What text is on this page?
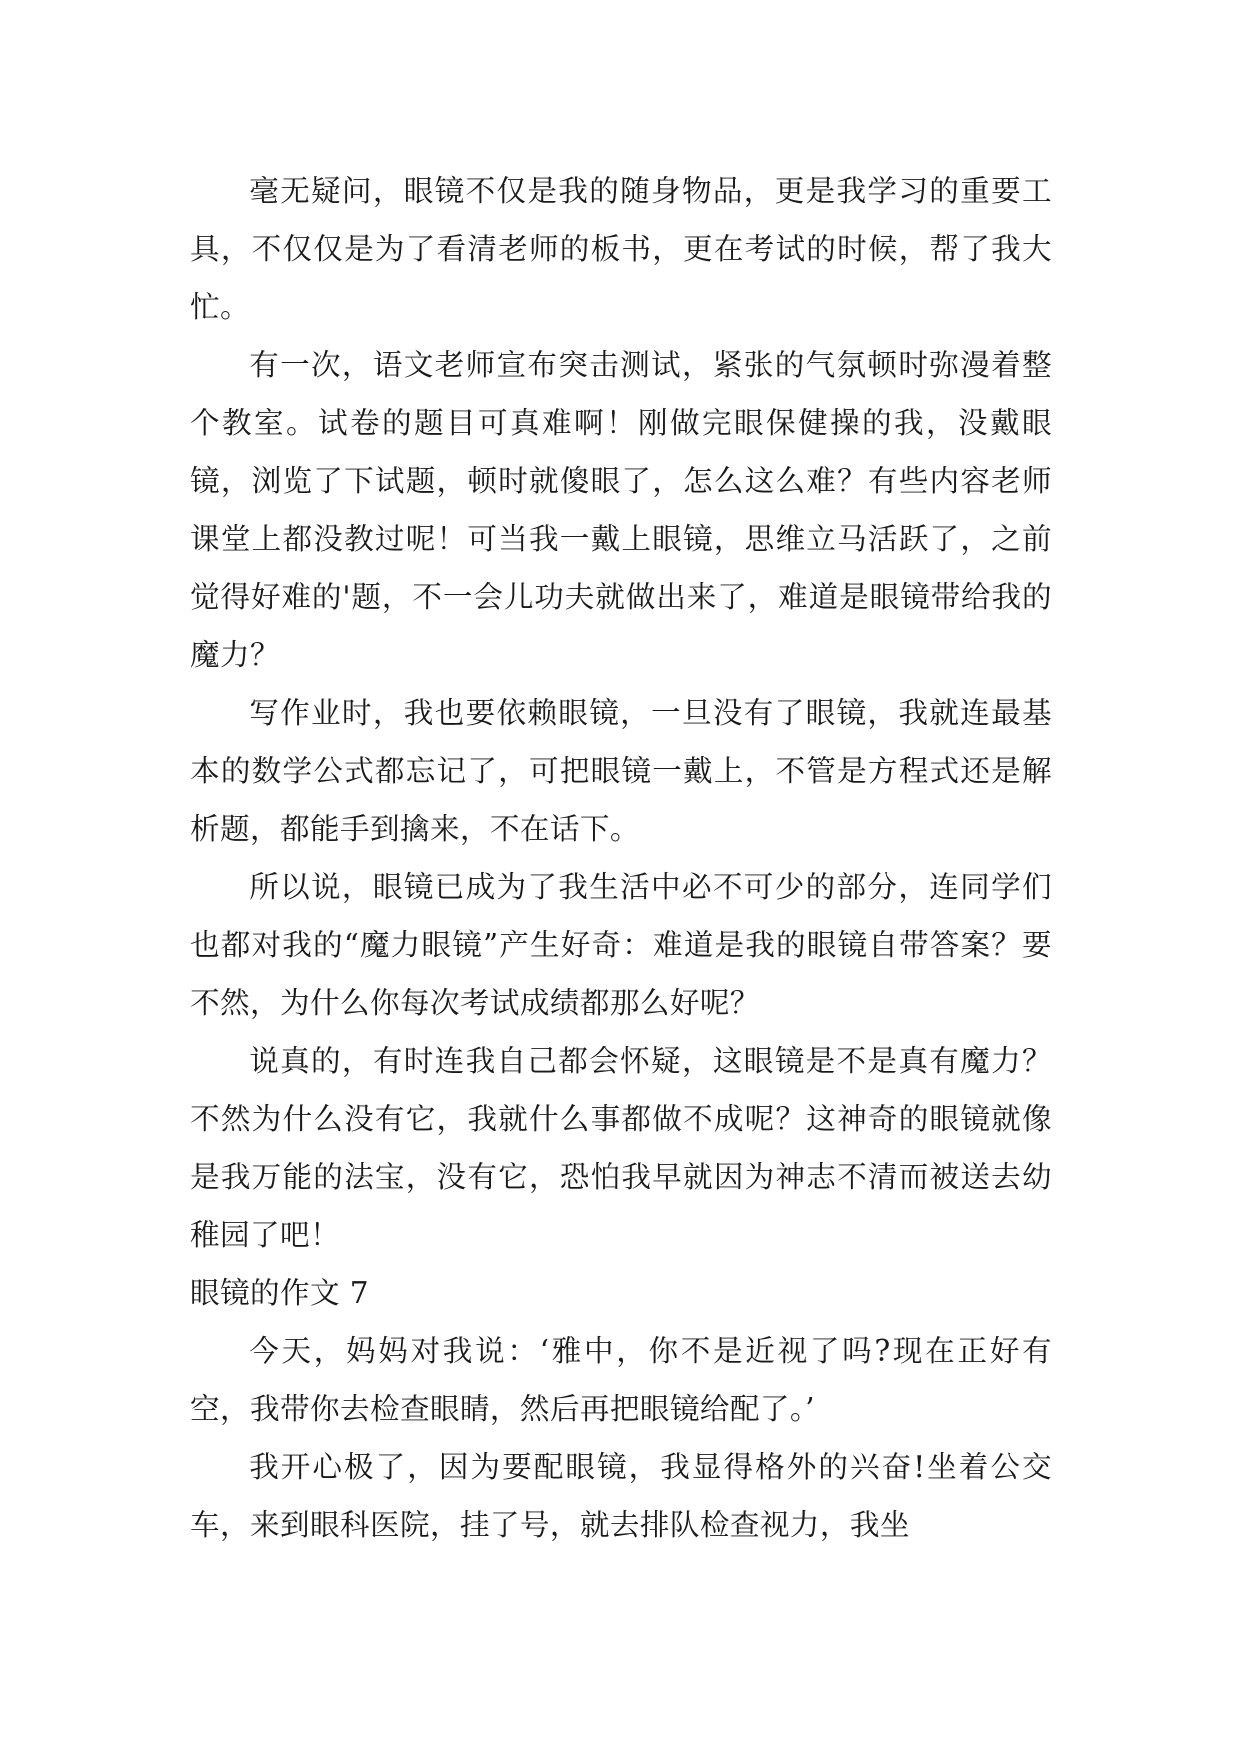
毫无疑问，眼镜不仅是我的随身物品，更是我学习的重要工具，不仅仅是为了看清老师的板书，更在考试的时候，帮了我大忙。

有一次，语文老师宣布突击测试，紧张的气氛顿时弥漫着整个教室。试卷的题目可真难啊！刚做完眼保健操的我，没戴眼镜，浏览了下试题，顿时就傻眼了，怎么这么难？有些内容老师课堂上都没教过呢！可当我一戴上眼镜，思维立马活跃了，之前觉得好难的'题，不一会儿功夫就做出来了，难道是眼镜带给我的魔力？

写作业时，我也要依赖眼镜，一旦没有了眼镜，我就连最基本的数学公式都忘记了，可把眼镜一戴上，不管是方程式还是解析题，都能手到擒来，不在话下。

所以说，眼镜已成为了我生活中必不可少的部分，连同学们也都对我的“魔力眼镜”产生好奇：难道是我的眼镜自带答案？要不然，为什么你每次考试成绩都那么好呢？

说真的，有时连我自己都会怀疑，这眼镜是不是真有魔力？不然为什么没有它，我就什么事都做不成呢？这神奇的眼镜就像是我万能的法宝，没有它，恐怕我早就因为神志不清而被送去幼稚园了吧！

眼镜的作文 7

今天，妈妈对我说：‘雅中，你不是近视了吗?现在正好有空，我带你去检查眼睛，然后再把眼镜给配了。’

我开心极了，因为要配眼镜，我显得格外的兴奋!坐着公交车，来到眼科医院，挂了号，就去排队检查视力，我坐
